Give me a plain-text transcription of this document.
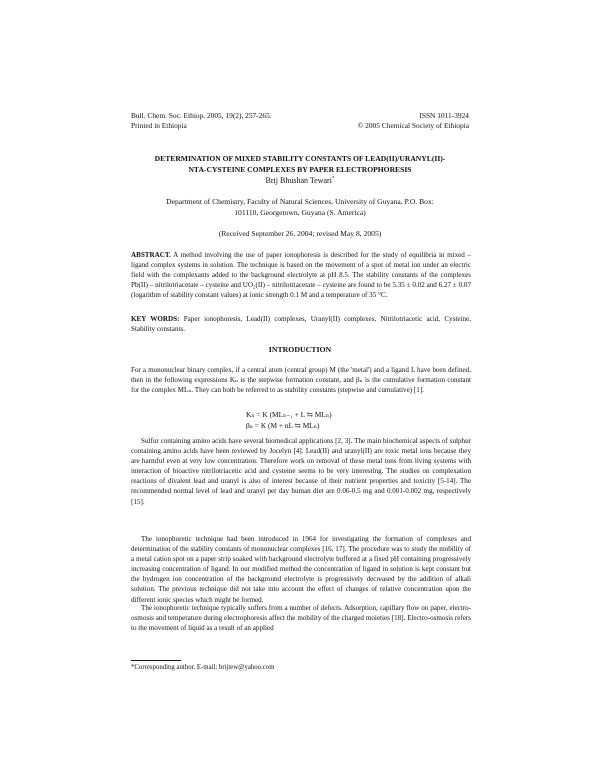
Bull. Chem. Soc. Ethiop. 2005, 19(2), 257-265.
Printed in Ethiopia
ISSN 1011-3924
© 2005 Chemical Society of Ethiopia
DETERMINATION OF MIXED STABILITY CONSTANTS OF LEAD(II)/URANYL(II)-
NTA-CYSTEINE COMPLEXES BY PAPER ELECTROPHORESIS
Brij Bhushan Tewari*
Department of Chemistry, Faculty of Natural Sciences, University of Guyana, P.O. Box:
101110, Georgetown, Guyana (S. America)
(Received September 26, 2004; revised May 8, 2005)
ABSTRACT. A method involving the use of paper ionophoresis is described for the study of equilibria in mixed – ligand complex systems in solution. The technique is based on the movement of a spot of metal ion under an electric field with the complexants added to the background electrolyte at pH 8.5. The stability constants of the complexes Pb(II) – nitrilotriacetate – cysteine and UO₂(II) – nitrilotriacetate – cysteine are found to be 5.35 ± 0.02 and 6.27 ± 0.07 (logarithm of stability constant values) at ionic strength 0.1 M and a temperature of 35 °C.
KEY WORDS: Paper ionophoresis, Lead(II) complexes, Uranyl(II) complexes, Nitrilotriacetic acid, Cysteine, Stability constants.
INTRODUCTION
For a mononuclear binary complex, if a central atom (central group) M (the 'metal') and a ligand L have been defined, then in the following expressions Kₙ is the stepwise formation constant, and βₙ is the cumulative formation constant for the complex MLₙ. They can both be referred to as stability constants (stepwise and cumulative) [1].
Kₙ = K (MLₙ₋₁ + L ⇆ MLₙ)
βₙ = K (M + nL ⇆ MLₙ)
Sulfur containing amino acids have several biomedical applications [2, 3]. The main biochemical aspects of sulphur containing amino acids have been reviewed by Jocelyn [4]. Lead(II) and uranyl(II) are toxic metal ions because they are harmful even at very low concentration. Therefore work on removal of these metal ions from living systems with interaction of bioactive nitrilotriacetic acid and cysteine seems to be very interesting. The studies on complexation reactions of divalent lead and uranyl is also of interest because of their nutrient properties and toxicity [5-14]. The recommended normal level of lead and uranyl per day human diet are 0.06-0.5 mg and 0.001-0.002 mg, respectively [15].
The ionophoretic technique had been introduced in 1964 for investigating the formation of complexes and determination of the stability constants of mononuclear complexes [16, 17]. The procedure was to study the mobility of a metal cation spot on a paper strip soaked with background electrolyte buffered at a fixed pH containing progressively increasing concentration of ligand. In our modified method the concentration of ligand in solution is kept constant but the hydrogen ion concentration of the background electrolyte is progressively decreased by the addition of alkali solution. The previous technique did not take into account the effect of changes of relative concentration upon the different ionic species which might be formed.
The ionophoretic technique typically suffers from a number of defects. Adsorption, capillary flow on paper, electro-osmosis and temperature during electrophoresis affect the mobility of the charged moieties [18]. Electro-osmosis refers to the movement of liquid as a result of an applied
*Corresponding author. E-mail: brijtew@yahoo.com
